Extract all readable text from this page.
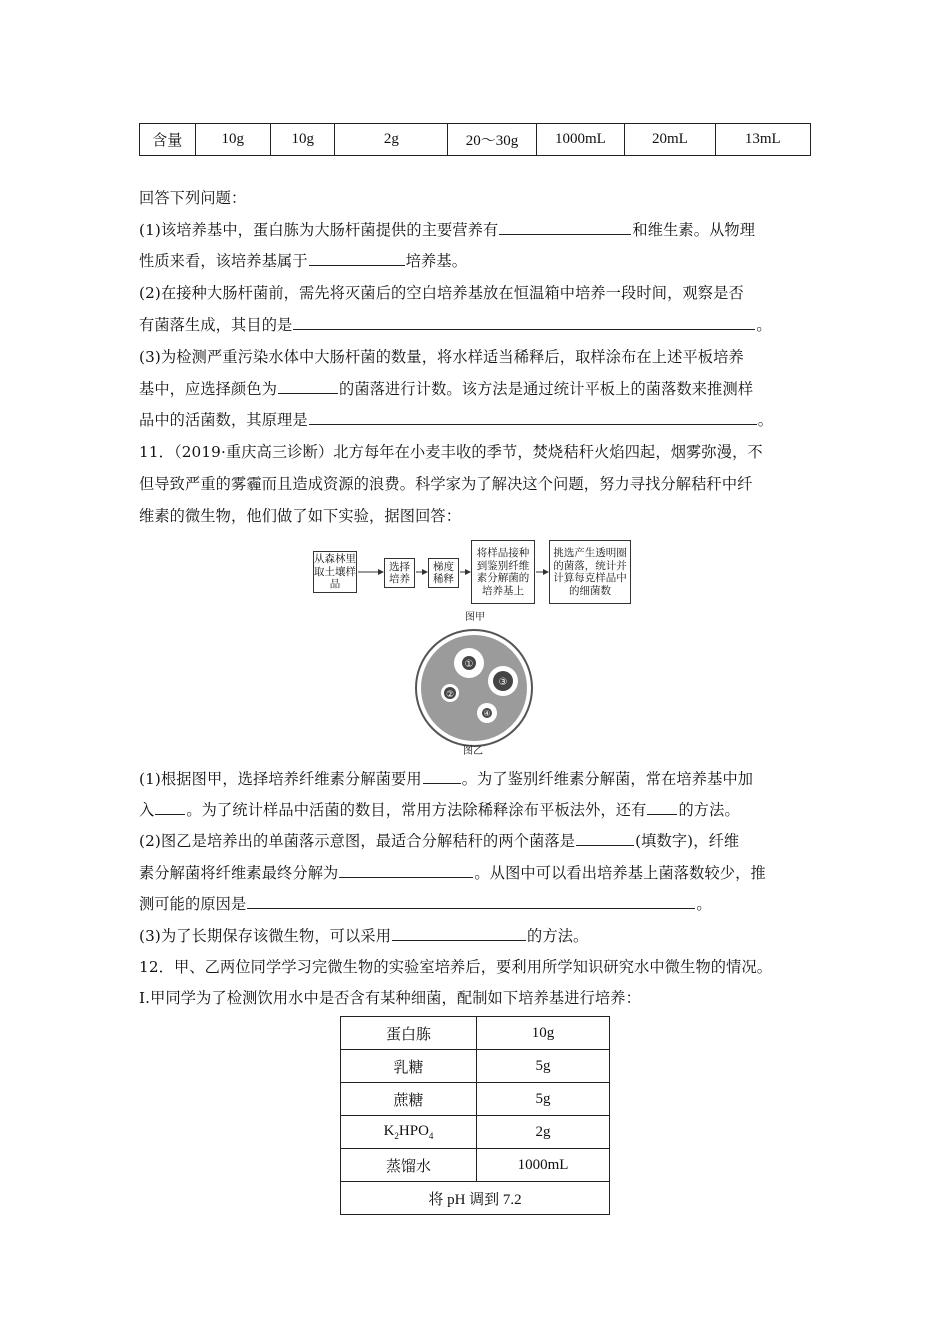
含量	10g	10g	2g	20～30g	1000mL	20mL	13mL
回答下列问题：
(1)该培养基中，蛋白胨为大肠杆菌提供的主要营养有	和维生素。从物理
性质来看，该培养基属于	培养基。
(2)在接种大肠杆菌前，需先将灭菌后的空白培养基放在恒温箱中培养一段时间，观察是否
有菌落生成，其目的是	。
(3)为检测严重污染水体中大肠杆菌的数量，将水样适当稀释后，取样涂布在上述平板培养
基中，应选择颜色为	的菌落进行计数。该方法是通过统计平板上的菌落数来推测样
品中的活菌数，其原理是	。
11．（2019·重庆高三诊断）北方每年在小麦丰收的季节，焚烧秸秆火焰四起，烟雾弥漫，不
但导致严重的雾霾而且造成资源的浪费。科学家为了解决这个问题，努力寻找分解秸秆中纤
维素的微生物，他们做了如下实验，据图回答：
从森林里取土壤样品
选择培养
梯度稀释
将样品接种到鉴别纤维素分解菌的培养基上
挑选产生透明圈的菌落，统计并计算每克样品中的细菌数
图甲
①
②
③
④
图乙
(1)根据图甲，选择培养纤维素分解菌要用	。为了鉴别纤维素分解菌，常在培养基中加
入 。为了统计样品中活菌的数目，常用方法除稀释涂布平板法外，还有 的方法。
(2)图乙是培养出的单菌落示意图，最适合分解秸秆的两个菌落是	(填数字)，纤维
素分解菌将纤维素最终分解为	。从图中可以看出培养基上菌落数较少，推
测可能的原因是	。
(3)为了长期保存该微生物，可以采用	的方法。
12．甲、乙两位同学学习完微生物的实验室培养后，要利用所学知识研究水中微生物的情况。
Ⅰ.甲同学为了检测饮用水中是否含有某种细菌，配制如下培养基进行培养：
蛋白胨	10g
乳糖	5g
蔗糖	5g
$K_2HPO_4$	2g
蒸馏水	1000mL
将 pH 调到 7.2	
